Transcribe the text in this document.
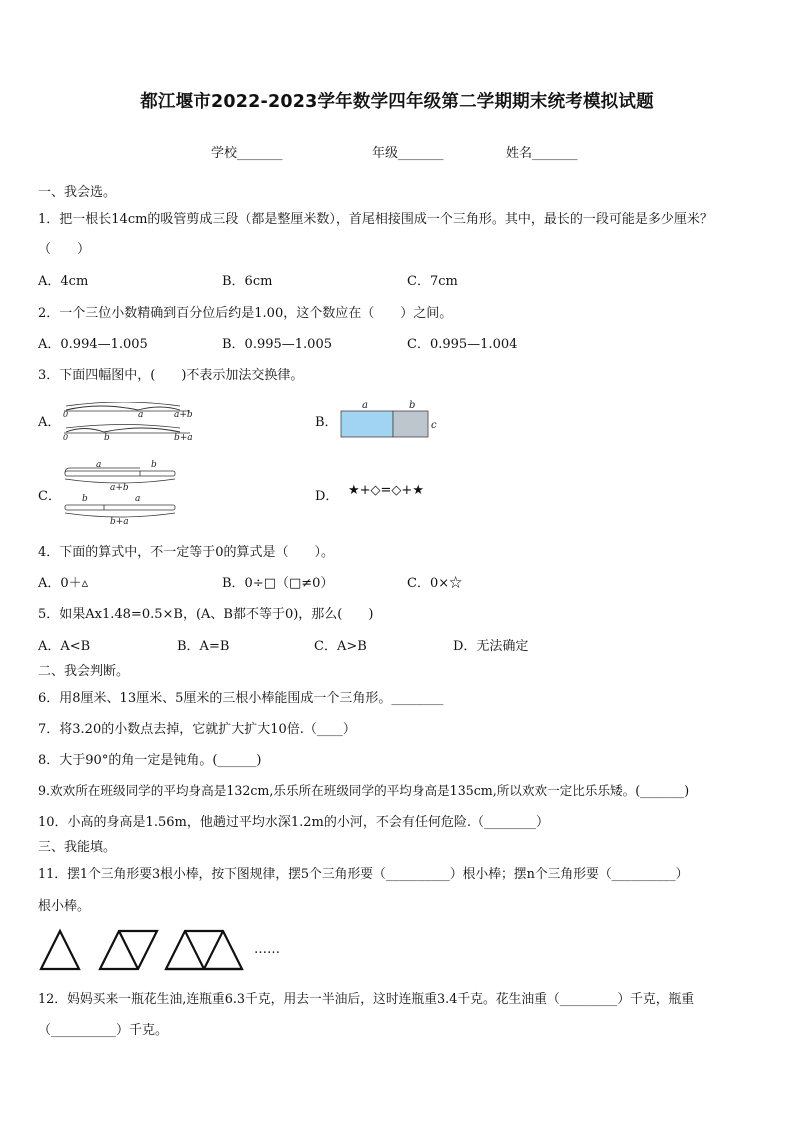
都江堰市2022-2023学年数学四年级第二学期期末统考模拟试题
学校_______	年级_______	姓名_______
一、我会选。
1．把一根长14cm的吸管剪成三段（都是整厘米数），首尾相接围成一个三角形。其中，最长的一段可能是多少厘米？
（　　）
A．4cm	B．6cm	C．7cm
2．一个三位小数精确到百分位后约是1.00，这个数应在（　　）之间。
A．0.994—1.005	B．0.995—1.005	C．0.995—1.004
3．下面四幅图中，(　　)不表示加法交换律。
A．
0	a	a+b
0	b	b+a
B．
a	b
c
C．
a	b
a+b
b	a
b+a
D． ★+◇=◇+★
4．下面的算式中，不一定等于0的算式是（　　）。
A．0＋▵	B．0÷□（□≠0）	C．0×☆
5．如果Ax1.48=0.5×B，(A、B都不等于0)，那么(　　)
A．A<B	B．A=B	C．A>B	D．无法确定
二、我会判断。
6．用8厘米、13厘米、5厘米的三根小棒能围成一个三角形。________
7．将3.20的小数点去掉，它就扩大扩大10倍.（____）
8．大于90°的角一定是钝角。(______)
9.欢欢所在班级同学的平均身高是132cm,乐乐所在班级同学的平均身高是135cm,所以欢欢一定比乐乐矮。(_______)
10．小高的身高是1.56m，他趟过平均水深1.2m的小河，不会有任何危险.（________）
三、我能填。
11．摆1个三角形要3根小棒，按下图规律，摆5个三角形要（__________）根小棒；摆n个三角形要（__________）
根小棒。
……
12．妈妈买来一瓶花生油,连瓶重6.3千克，用去一半油后，这时连瓶重3.4千克。花生油重（_________）千克，瓶重
（__________）千克。
